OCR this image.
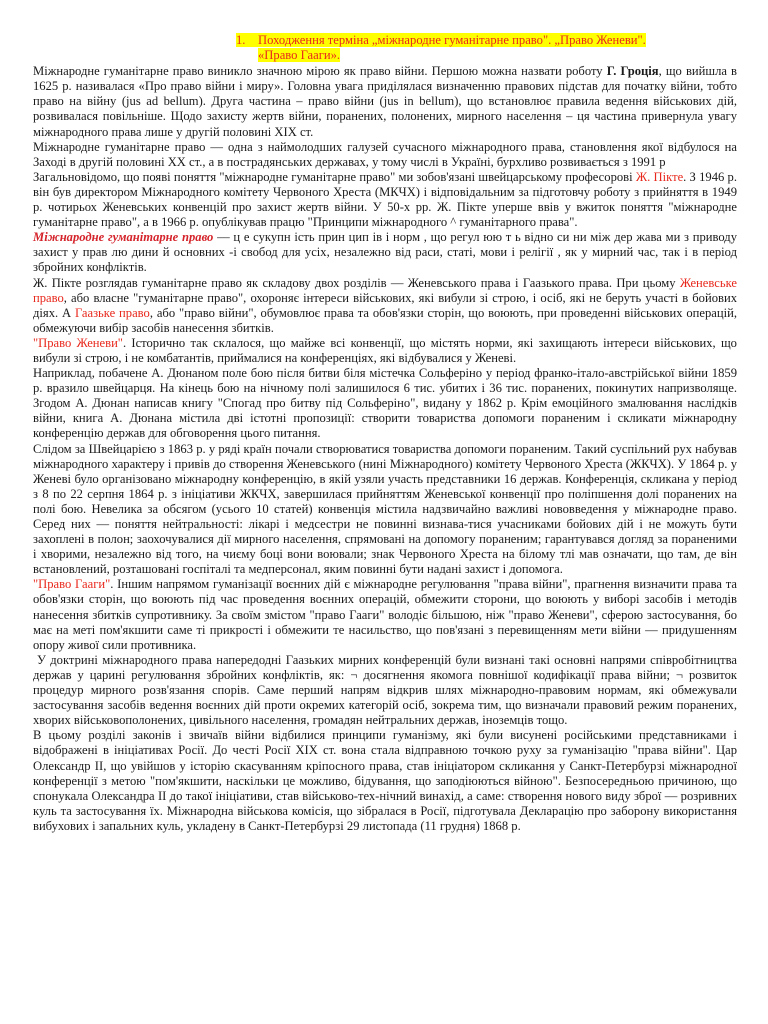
1. Походження термiна „мiжнародне гуманiтарне право". „Право Женеви".
«Право Гааги».

Мiжнародне гуманiтарне право виникло значною мiрою як право вiйни. Першою можна назвати роботу Г. Гроцiя, що вийшла в 1625 р. називалася «Про право вiйни i миру». Головна увага придiлялася визначенню правових пiдстав для початку вiйни, тобто право на вiйну (jus ad bellum). Друга частина – право вiйни (jus in bellum), що встановлює правила ведення вiйськових дiй, розвивалася повiльнiше. Щодо захисту жертв вiйни, поранених, полонених, мирного населення – ця частина привернула увагу мiжнародного права лише у другiй половинi XIX ст.

Мiжнародне гуманiтарне право — одна з наймолодших галузей сучасного мiжнародного права, становлення якої вiдбулося на Заходi в другiй половинi ХХ ст., а в пострадянських державах, у тому числi в Українi, бурхливо розвивається з 1991 р

Загальновiдомо, що появi поняття "мiжнародне гуманiтарне право" ми зобов'язанi швейцарському професорові Ж. Пiкте. З 1946 р. вiн був директором Мiжнародного комiтету Червоного Хреста (МКЧХ) i вiдповiдальним за пiдготовчу роботу з прийняття в 1949 р. чотирьох Женевських конвенцiй про захист жертв вiйни. У 50-х рр. Ж. Пiкте уперше ввiв у вжиток поняття "мiжнародне гуманiтарне право", а в 1966 р. опублiкував працю "Принципи мiжнародного ^ гуманiтарного права".

Мiжнародне гуманiтарне право — ц е сукупн iсть прин цип iв i норм , що регул юю т ь вiдно си ни мiж дер жава ми з приводу захист у прав лю дини й основних -i свобод для усiх, незалежно вiд раси, статi, мови i релiгiї , як у мирний час, так i в перiод збройних конфлiктiв.

Ж. Пiкте розглядав гуманiтарне право як складову двох роздiлiв — Женевського права i Гаазького права. При цьому Женевське право, або власне "гуманiтарне право", охороняє iнтереси вiйськових, якi вибули зi строю, i осiб, якi не беруть участi в бойових дiях. А Гаазьке право, або "право вiйни", обумовлює права та обов'язки сторiн, що воюють, при проведеннi вiйськових операцiй, обмежуючи вибiр засобiв нанесення збиткiв.

"Право Женеви". Iсторично так склалося, що майже всi конвенцiї, що мiстять норми, якi захищають iнтереси вiйськових, що вибули зi строю, i не комбатантiв, приймалися на конференцiях, якi вiдбувалися у Женевi.

Наприклад, побачене А. Дюнаном поле бою пiсля битви бiля містечка Сольферiно у перiод франко-iтало-австрiйської вiйни 1859 р. вразило швейцарця. На кiнець бою на нiчному полi залишилося 6 тис. убитих i 36 тис. поранених, покинутих напризволяще. Згодом А. Дюнан написав книгу "Спогад про битву пiд Сольферiно", видану у 1862 р. Крiм емоцiйного змалювання наслiдкiв вiйни, книга А. Дюнана мiстила двi iстотнi пропозицiї: створити товариства допомоги пораненим i скликати мiжнародну конференцiю держав для обговорення цього питання.

Слiдом за Швейцарiєю з 1863 р. у рядi країн почали створюватися товариства допомоги пораненим. Такий суспiльний рух набував мiжнародного характеру i привiв до створення Женевського (нинi Мiжнародного) комiтету Червоного Хреста (ЖКЧХ). У 1864 р. у Женевi було органiзовано мiжнародну конференцiю, в якiй узяли участь представники 16 держав. Конференцiя, скликана у перiод з 8 по 22 серпня 1864 р. з iнiцiативи ЖКЧХ, завершилася прийняттям Женевської конвенцiї про полiпшення долi поранених на полi бою. Невелика за обсягом (усього 10 статей) конвенцiя мiстила надзвичайно важливi нововведення у мiжнародне право. Серед них — поняття нейтральностi: лiкарi i медсестри не повиннi визнава-тися учасниками бойових дiй i не можуть бути захопленi в полон; заохочувалися дiї мирного населення, спрямованi на допомогу пораненим; гарантувався догляд за пораненими i хворими, незалежно вiд того, на чиєму боцi вони воювали; знак Червоного Хреста на бiлому тлi мав означати, що там, де вiн встановлений, розташованi госпiталi та медперсонал, яким повиннi бути наданi захист i допомога.

"Право Гааги". Iншим напрямом гуманiзацiї воєнних дiй є мiжнародне регулювання "права вiйни", прагнення визначити права та обов'язки сторiн, що воюють пiд час проведення воєнних операцiй, обмежити сторони, що воюють у виборi засобiв i методiв нанесення збиткiв супротивнику. За своїм змiстом "право Гааги" володiє бiльшою, нiж "право Женеви", сферою застосування, бо має на метi пом'якшити саме тi прикростi i обмежити те насильство, що пов'язанi з перевищенням мети вiйни — придушенням опору живої сили противника.

У доктринi мiжнародного права напередоднi Гаазьких мирних конференцiй були визнанi такi основнi напрями спiвробiтництва держав у царинi регулювання збройних конфлiктiв, як: ¬ досягнення якомога повнiшої кодифiкацiї права вiйни; ¬ розвиток процедур мирного розв'язання спорiв. Саме перший напрям вiдкрив шлях мiжнародно-правовим нормам, якi обмежували застосування засобiв ведення воєнних дiй проти окремих категорiй осiб, зокрема тим, що визначали правовий режим поранених, хворих вiйськовополонених, цивiльного населення, громадян нейтральних держав, iноземцiв тощо.

В цьому роздiлi законiв i звичаїв вiйни вiдбилися принципи гуманiзму, якi були висуненi росiйськими представниками i вiдображенi в iнiцiативах Росiї. До честi Росiї XIX ст. вона стала вiдправною точкою руху за гуманiзацiю "права вiйни". Цар Олександр II, що увiйшов у iсторiю скасуванням крiпосного права, став iнiцiатором скликання у Санкт-Петербурзi мiжнародної конференцiї з метою "пом'якшити, наскiльки це можливо, бiдування, що заподiюються вiйною". Безпосередньою причиною, що спонукала Олександра II до такої iнiцiативи, став вiйськово-тех-нiчний винахiд, а саме: створення нового виду зброї — розривних куль та застосування їх. Мiжнародна вiйськова комiсiя, що зiбралася в Росiї, пiдготувала Декларацiю про заборону використання вибухових i запальних куль, укладену в Санкт-Петербурзi 29 листопада (11 грудня) 1868 р.
